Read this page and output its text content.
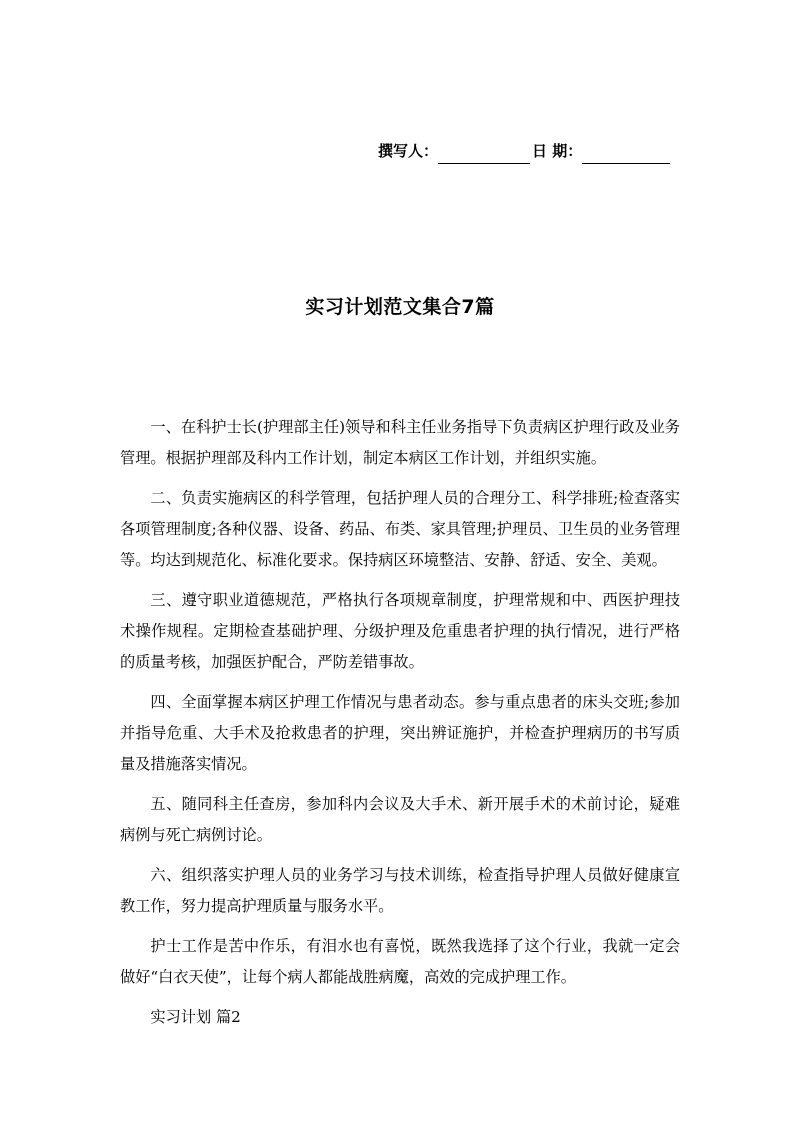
撰写人：	日 期：
实习计划范文集合7篇

一、在科护士长(护理部主任)领导和科主任业务指导下负责病区护理行政及业务管理。根据护理部及科内工作计划，制定本病区工作计划，并组织实施。

二、负责实施病区的科学管理，包括护理人员的合理分工、科学排班;检查落实各项管理制度;各种仪器、设备、药品、布类、家具管理;护理员、卫生员的业务管理等。均达到规范化、标准化要求。保持病区环境整洁、安静、舒适、安全、美观。

三、遵守职业道德规范，严格执行各项规章制度，护理常规和中、西医护理技术操作规程。定期检查基础护理、分级护理及危重患者护理的执行情况，进行严格的质量考核，加强医护配合，严防差错事故。

四、全面掌握本病区护理工作情况与患者动态。参与重点患者的床头交班;参加并指导危重、大手术及抢救患者的护理，突出辨证施护，并检查护理病历的书写质量及措施落实情况。

五、随同科主任查房，参加科内会议及大手术、新开展手术的术前讨论，疑难病例与死亡病例讨论。

六、组织落实护理人员的业务学习与技术训练，检查指导护理人员做好健康宣教工作，努力提高护理质量与服务水平。

护士工作是苦中作乐，有泪水也有喜悦，既然我选择了这个行业，我就一定会做好“白衣天使”，让每个病人都能战胜病魔，高效的完成护理工作。

实习计划 篇2
